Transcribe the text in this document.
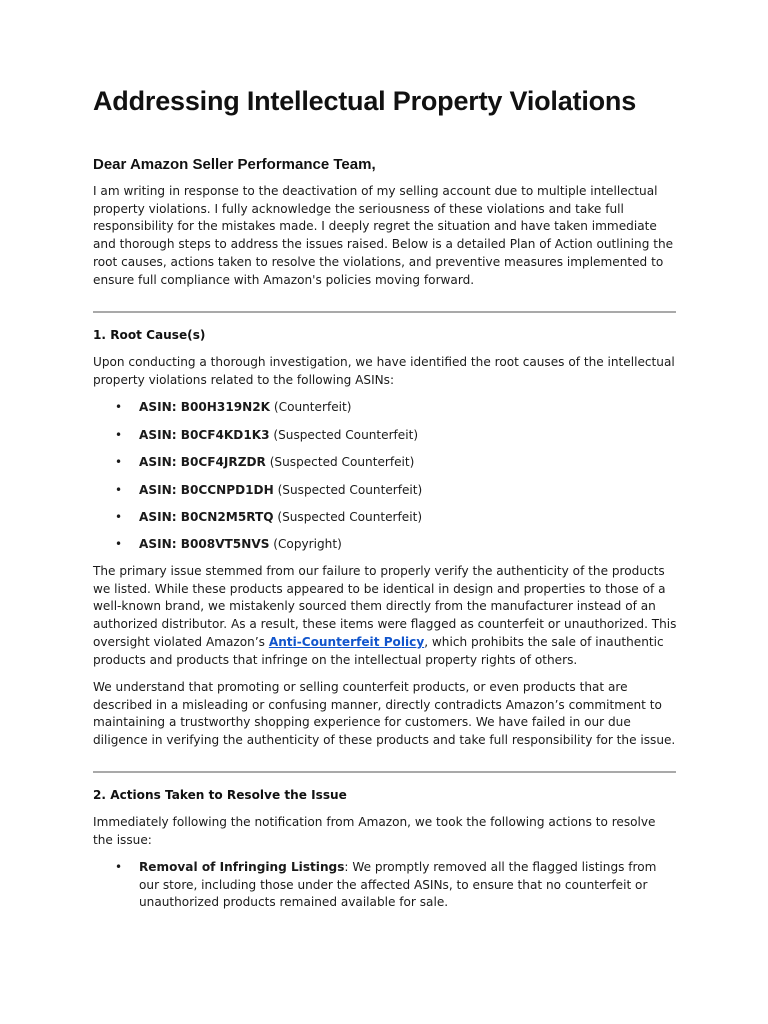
Addressing Intellectual Property Violations
Dear Amazon Seller Performance Team,

I am writing in response to the deactivation of my selling account due to multiple intellectual property violations. I fully acknowledge the seriousness of these violations and take full responsibility for the mistakes made. I deeply regret the situation and have taken immediate and thorough steps to address the issues raised. Below is a detailed Plan of Action outlining the root causes, actions taken to resolve the violations, and preventive measures implemented to ensure full compliance with Amazon's policies moving forward.

1. Root Cause(s)

Upon conducting a thorough investigation, we have identified the root causes of the intellectual property violations related to the following ASINs:

• ASIN: B00H319N2K (Counterfeit)
• ASIN: B0CF4KD1K3 (Suspected Counterfeit)
• ASIN: B0CF4JRZDR (Suspected Counterfeit)
• ASIN: B0CCNPD1DH (Suspected Counterfeit)
• ASIN: B0CN2M5RTQ (Suspected Counterfeit)
• ASIN: B008VT5NVS (Copyright)

The primary issue stemmed from our failure to properly verify the authenticity of the products we listed. While these products appeared to be identical in design and properties to those of a well-known brand, we mistakenly sourced them directly from the manufacturer instead of an authorized distributor. As a result, these items were flagged as counterfeit or unauthorized. This oversight violated Amazon’s Anti-Counterfeit Policy, which prohibits the sale of inauthentic products and products that infringe on the intellectual property rights of others.

We understand that promoting or selling counterfeit products, or even products that are described in a misleading or confusing manner, directly contradicts Amazon’s commitment to maintaining a trustworthy shopping experience for customers. We have failed in our due diligence in verifying the authenticity of these products and take full responsibility for the issue.

2. Actions Taken to Resolve the Issue

Immediately following the notification from Amazon, we took the following actions to resolve the issue:

• Removal of Infringing Listings: We promptly removed all the flagged listings from our store, including those under the affected ASINs, to ensure that no counterfeit or unauthorized products remained available for sale.
